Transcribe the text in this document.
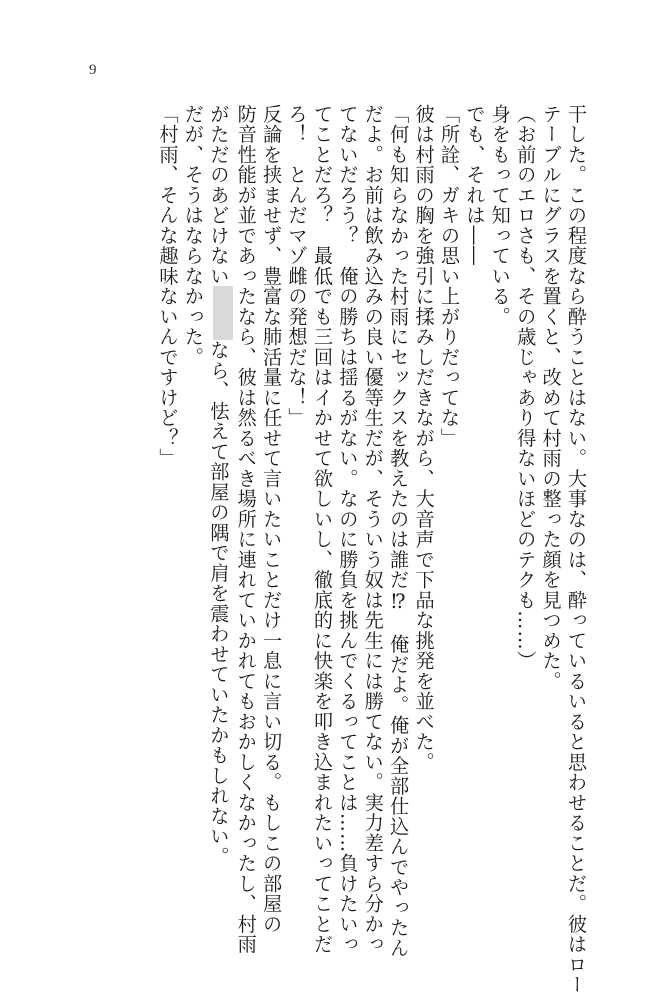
9
干した。この程度なら酔うことはない。大事なのは、酔っているいると思わせることだ。彼はロー
テーブルにグラスを置くと、改めて村雨の整った顔を見つめた。
（お前のエロさも、その歳じゃあり得ないほどのテクも……）
身をもって知っている。
でも、それは――
「所詮、ガキの思い上がりだってな」
彼は村雨の胸を強引に揉みしだきながら、大音声で下品な挑発を並べた。
「何も知らなかった村雨にセックスを教えたのは誰だ⁉　俺だよ。俺が全部仕込んでやったん
だよ。お前は飲み込みの良い優等生だが、そういう奴は先生には勝てない。実力差すら分かっ
てないだろう？　俺の勝ちは揺るがない。なのに勝負を挑んでくるってことは……負けたいっ
てことだろ？　最低でも三回はイかせて欲しいし、徹底的に快楽を叩き込まれたいってことだ
ろ！　とんだマゾ雌の発想だな！」
反論を挟ませず、豊富な肺活量に任せて言いたいことだけ一息に言い切る。もしこの部屋の
防音性能が並であったなら、彼は然るべき場所に連れていかれてもおかしくなかったし、村雨
がただのあどけないなら、怯えて部屋の隅で肩を震わせていたかもしれない。
だが、そうはならなかった。
「村雨、そんな趣味ないんですけど？」
